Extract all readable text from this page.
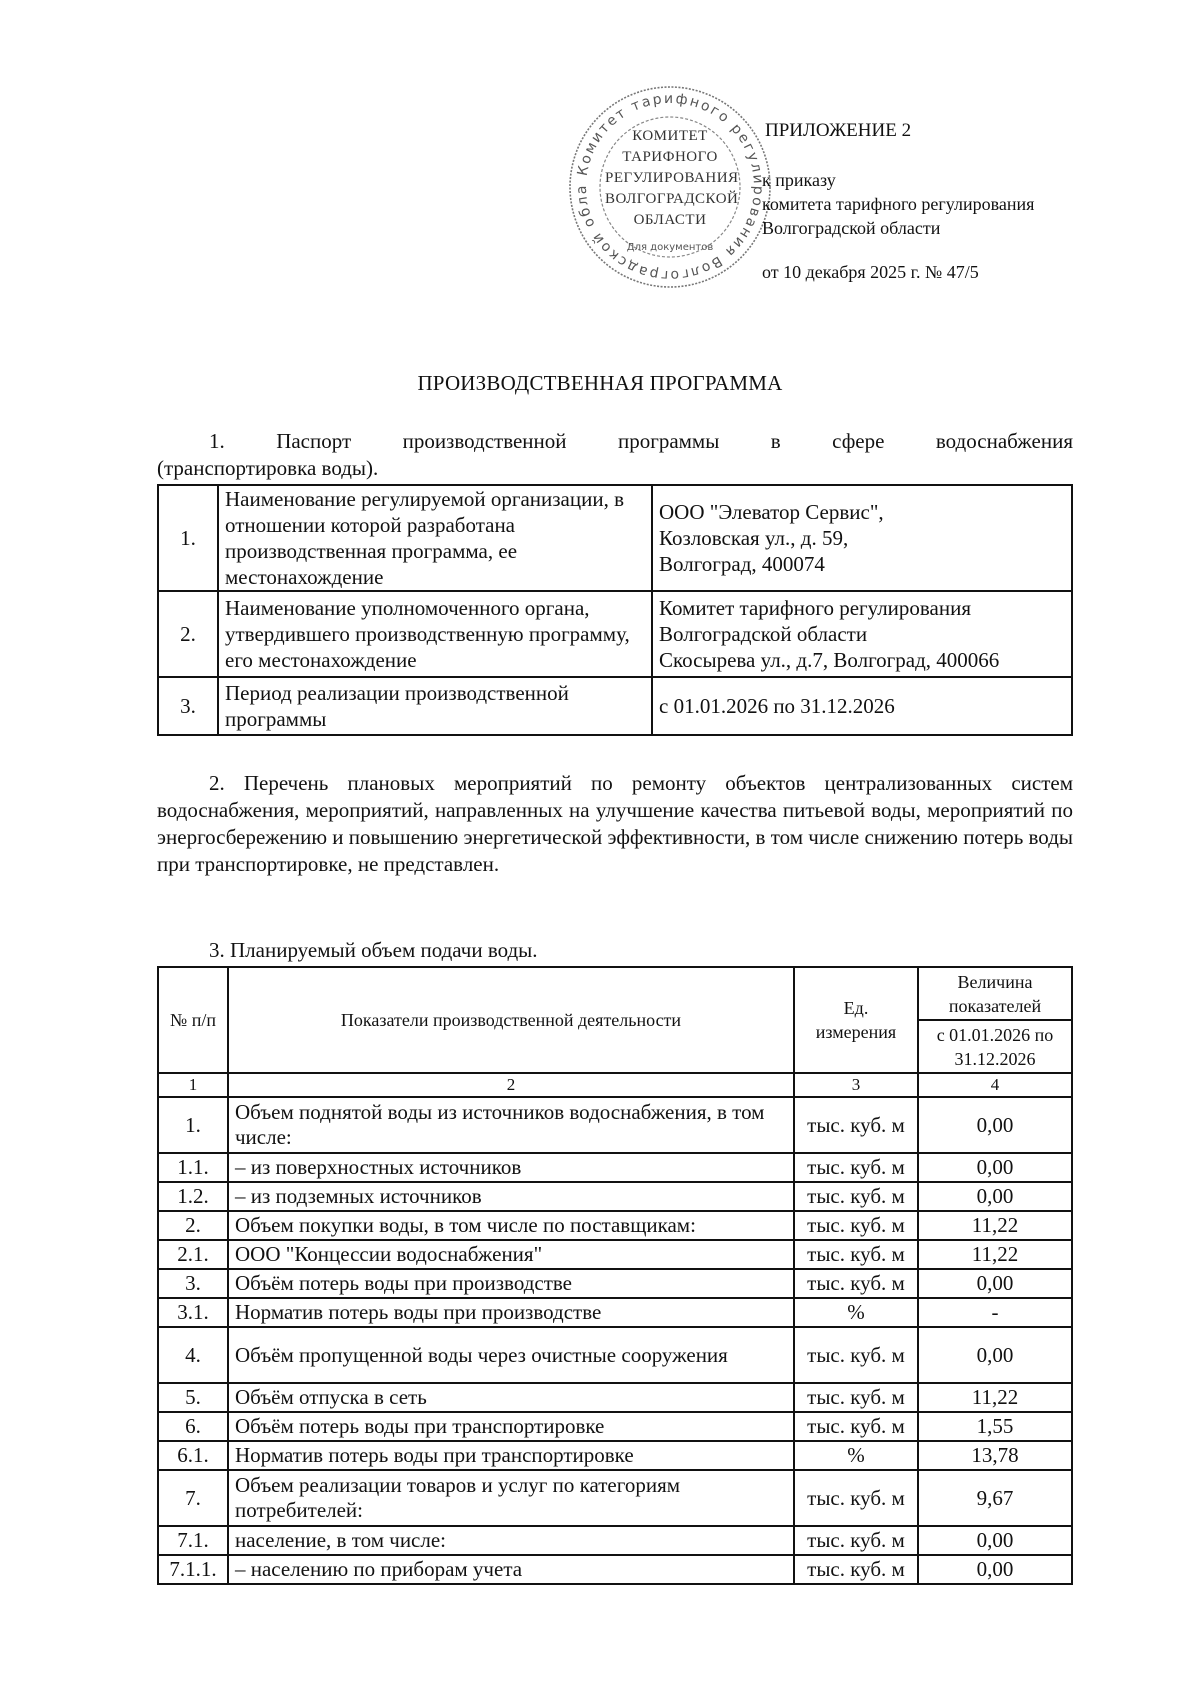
Комитет тарифного регулирования Волгоградской обла
Для документов
КОМИТЕТ
ТАРИФНОГО
РЕГУЛИРОВАНИЯ
ВОЛГОГРАДСКОЙ
ОБЛАСТИ
ПРИЛОЖЕНИЕ 2
к приказу
комитета тарифного регулирования
Волгоградской области
от 10 декабря 2025 г. № 47/5
ПРОИЗВОДСТВЕННАЯ ПРОГРАММА
1. Паспорт производственной программы в сфере водоснабжения
(транспортировка воды).
1.	Наименование регулируемой организации, в отношении которой разработана производственная программа, ее местонахождение	ООО "Элеватор Сервис",
Козловская ул., д. 59,
Волгоград, 400074

2.	Наименование уполномоченного органа, утвердившего производственную программу, его местонахождение	Комитет тарифного регулирования
Волгоградской области
Скосырева ул., д.7, Волгоград, 400066

3.	Период реализации производственной программы	с 01.01.2026 по 31.12.2026
2. Перечень плановых мероприятий по ремонту объектов централизованных систем водоснабжения, мероприятий, направленных на улучшение качества питьевой воды, мероприятий по энергосбережению и повышению энергетической эффективности, в том числе снижению потерь воды при транспортировке, не представлен.
3. Планируемый объем подачи воды.
№ п/п	Показатели производственной деятельности	Ед. измерения	Величина показателей
			с 01.01.2026 по 31.12.2026
1	2	3	4
1.	Объем поднятой воды из источников водоснабжения, в том числе:	тыс. куб. м	0,00
1.1.	– из поверхностных источников	тыс. куб. м	0,00
1.2.	– из подземных источников	тыс. куб. м	0,00
2.	Объем покупки воды, в том числе по поставщикам:	тыс. куб. м	11,22
2.1.	ООО "Концессии водоснабжения"	тыс. куб. м	11,22
3.	Объём потерь воды при производстве	тыс. куб. м	0,00
3.1.	Норматив потерь воды при производстве	%	-
4.	Объём пропущенной воды через очистные сооружения	тыс. куб. м	0,00
5.	Объём отпуска в сеть	тыс. куб. м	11,22
6.	Объём потерь воды при транспортировке	тыс. куб. м	1,55
6.1.	Норматив потерь воды при транспортировке	%	13,78
7.	Объем реализации товаров и услуг по категориям потребителей:	тыс. куб. м	9,67
7.1.	население, в том числе:	тыс. куб. м	0,00
7.1.1.	– населению по приборам учета	тыс. куб. м	0,00
